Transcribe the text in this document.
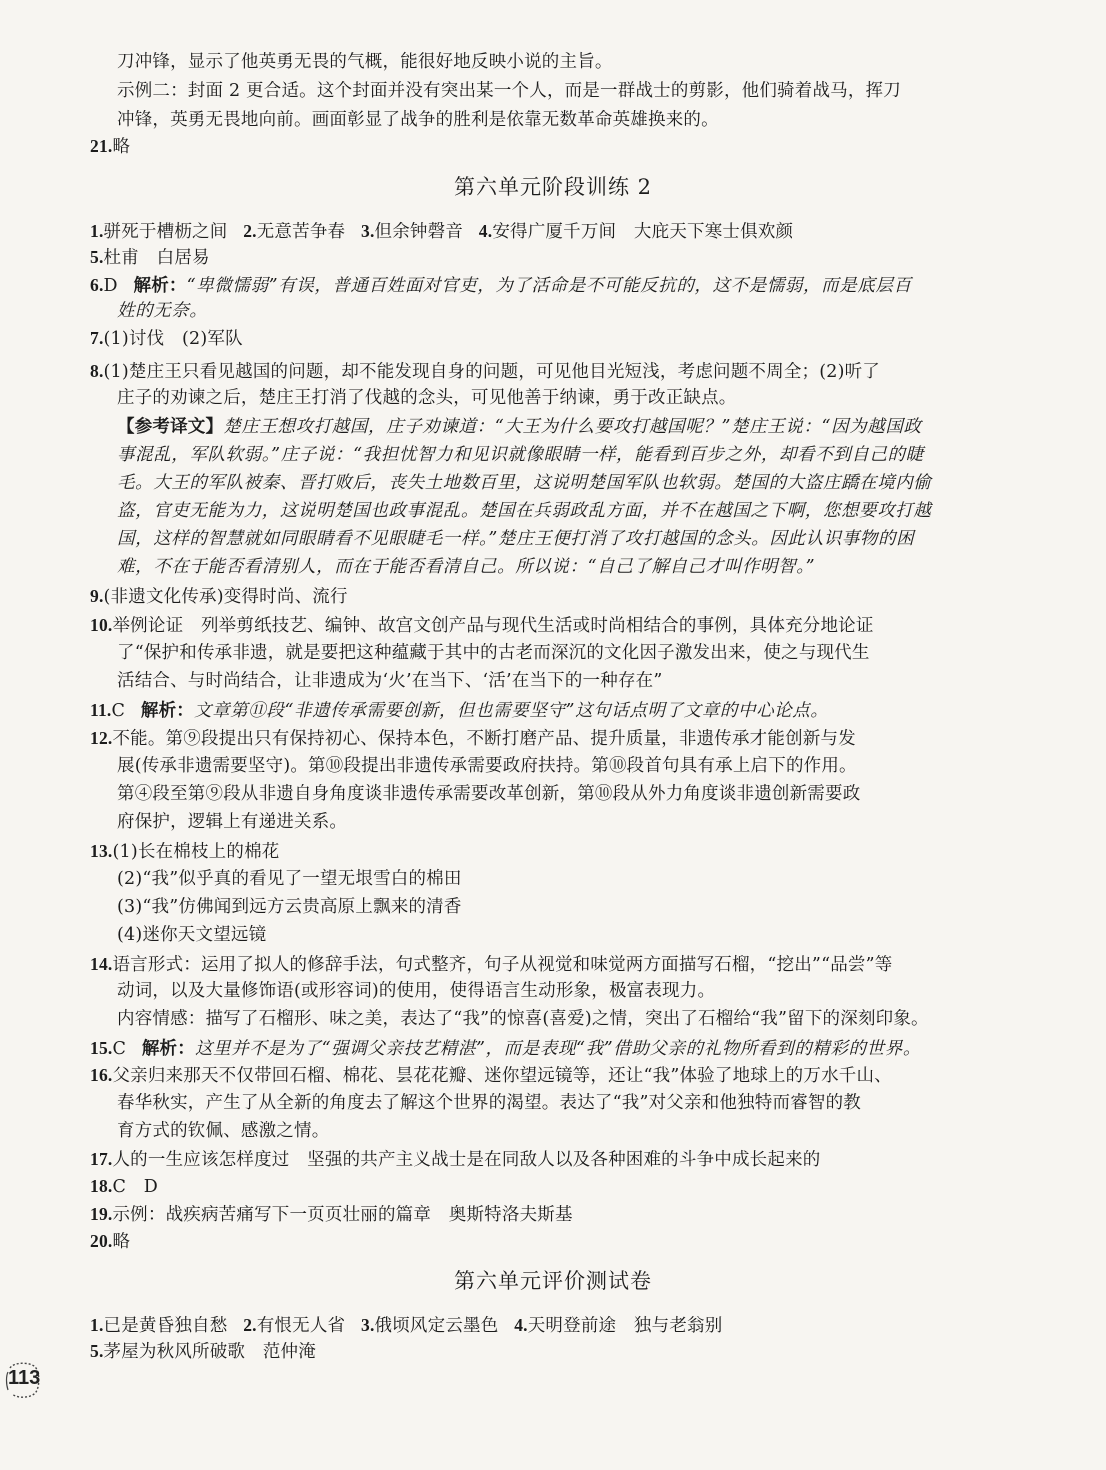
刀冲锋，显示了他英勇无畏的气概，能很好地反映小说的主旨。
示例二：封面 2 更合适。这个封面并没有突出某一个人，而是一群战士的剪影，他们骑着战马，挥刀
冲锋，英勇无畏地向前。画面彰显了战争的胜利是依靠无数革命英雄换来的。
21.略
第六单元阶段训练 2
1.骈死于槽枥之间 2.无意苦争春 3.但余钟磬音 4.安得广厦千万间　大庇天下寒士俱欢颜
5.杜甫　白居易
6.D 解析：“卑微懦弱”有误，普通百姓面对官吏，为了活命是不可能反抗的，这不是懦弱，而是底层百
姓的无奈。
7.(1)讨伐　(2)军队
8.(1)楚庄王只看见越国的问题，却不能发现自身的问题，可见他目光短浅，考虑问题不周全；(2)听了
庄子的劝谏之后，楚庄王打消了伐越的念头，可见他善于纳谏，勇于改正缺点。
【参考译文】楚庄王想攻打越国，庄子劝谏道：“大王为什么要攻打越国呢？”楚庄王说：“因为越国政
事混乱，军队软弱。”庄子说：“我担忧智力和见识就像眼睛一样，能看到百步之外，却看不到自己的睫
毛。大王的军队被秦、晋打败后，丧失土地数百里，这说明楚国军队也软弱。楚国的大盗庄蹻在境内偷
盗，官吏无能为力，这说明楚国也政事混乱。楚国在兵弱政乱方面，并不在越国之下啊，您想要攻打越
国，这样的智慧就如同眼睛看不见眼睫毛一样。”楚庄王便打消了攻打越国的念头。因此认识事物的困
难，不在于能否看清别人，而在于能否看清自己。所以说：“自己了解自己才叫作明智。”
9.(非遗文化传承)变得时尚、流行
10.举例论证　列举剪纸技艺、编钟、故宫文创产品与现代生活或时尚相结合的事例，具体充分地论证
了“保护和传承非遗，就是要把这种蕴藏于其中的古老而深沉的文化因子激发出来，使之与现代生
活结合、与时尚结合，让非遗成为‘火’在当下、‘活’在当下的一种存在”
11.C 解析：文章第⑪段“非遗传承需要创新，但也需要坚守”这句话点明了文章的中心论点。
12.不能。第⑨段提出只有保持初心、保持本色，不断打磨产品、提升质量，非遗传承才能创新与发
展(传承非遗需要坚守)。第⑩段提出非遗传承需要政府扶持。第⑩段首句具有承上启下的作用。
第④段至第⑨段从非遗自身角度谈非遗传承需要改革创新，第⑩段从外力角度谈非遗创新需要政
府保护，逻辑上有递进关系。
13.(1)长在棉枝上的棉花
(2)“我”似乎真的看见了一望无垠雪白的棉田
(3)“我”仿佛闻到远方云贵高原上飘来的清香
(4)迷你天文望远镜
14.语言形式：运用了拟人的修辞手法，句式整齐，句子从视觉和味觉两方面描写石榴，“挖出”“品尝”等
动词，以及大量修饰语(或形容词)的使用，使得语言生动形象，极富表现力。
内容情感：描写了石榴形、味之美，表达了“我”的惊喜(喜爱)之情，突出了石榴给“我”留下的深刻印象。
15.C 解析：这里并不是为了“强调父亲技艺精湛”，而是表现“我”借助父亲的礼物所看到的精彩的世界。
16.父亲归来那天不仅带回石榴、棉花、昙花花瓣、迷你望远镜等，还让“我”体验了地球上的万水千山、
春华秋实，产生了从全新的角度去了解这个世界的渴望。表达了“我”对父亲和他独特而睿智的教
育方式的钦佩、感激之情。
17.人的一生应该怎样度过　坚强的共产主义战士是在同敌人以及各种困难的斗争中成长起来的
18.C　D
19.示例：战疾病苦痛写下一页页壮丽的篇章　奥斯特洛夫斯基
20.略
第六单元评价测试卷
1.已是黄昏独自愁 2.有恨无人省 3.俄顷风定云墨色 4.天明登前途　独与老翁别
5.茅屋为秋风所破歌　范仲淹
113
